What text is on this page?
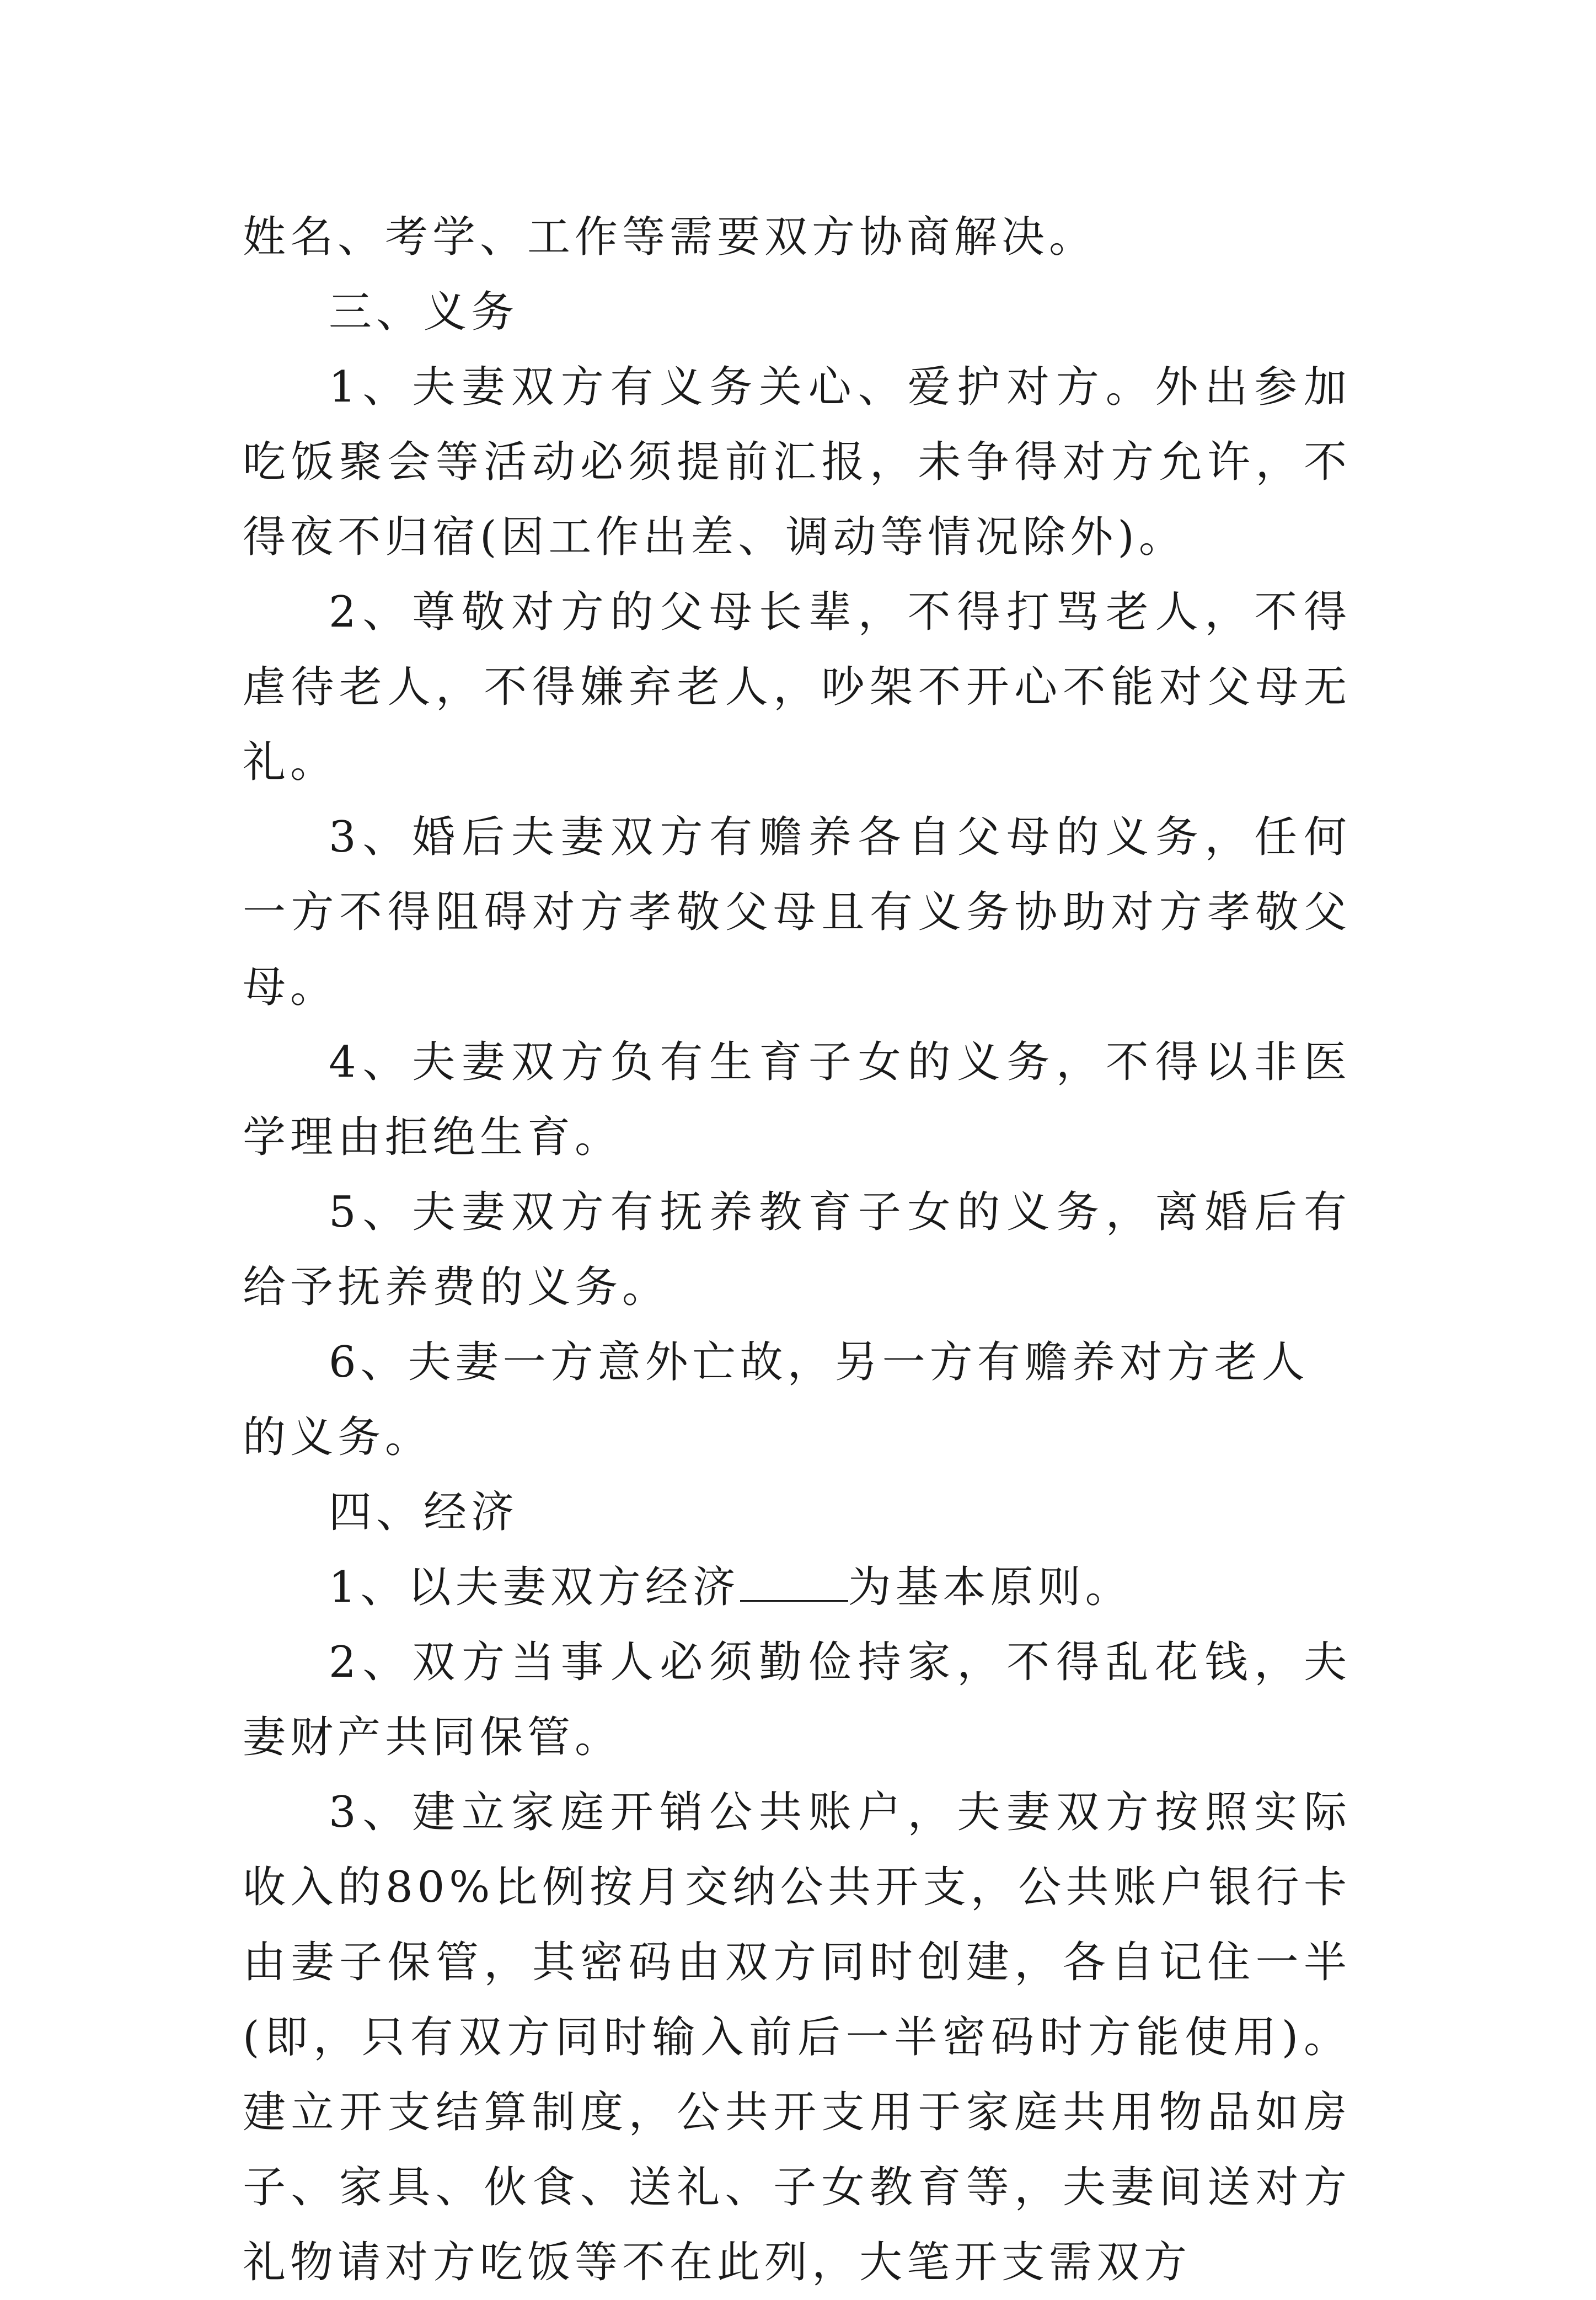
姓名、考学、工作等需要双方协商解决。

三、义务

1、夫妻双方有义务关心、爱护对方。外出参加吃饭聚会等活动必须提前汇报，未争得对方允许，不得夜不归宿(因工作出差、调动等情况除外)。

2、尊敬对方的父母长辈，不得打骂老人，不得虐待老人，不得嫌弃老人，吵架不开心不能对父母无礼。

3、婚后夫妻双方有赡养各自父母的义务，任何一方不得阻碍对方孝敬父母且有义务协助对方孝敬父母。

4、夫妻双方负有生育子女的义务，不得以非医学理由拒绝生育。

5、夫妻双方有抚养教育子女的义务，离婚后有给予抚养费的义务。

6、夫妻一方意外亡故，另一方有赡养对方老人的义务。

四、经济

1、以夫妻双方经济	为基本原则。

2、双方当事人必须勤俭持家，不得乱花钱，夫妻财产共同保管。

3、建立家庭开销公共账户，夫妻双方按照实际收入的80%比例按月交纳公共开支，公共账户银行卡由妻子保管，其密码由双方同时创建，各自记住一半(即，只有双方同时输入前后一半密码时方能使用)。建立开支结算制度，公共开支用于家庭共用物品如房子、家具、伙食、送礼、子女教育等，夫妻间送对方礼物请对方吃饭等不在此列，大笔开支需双方
